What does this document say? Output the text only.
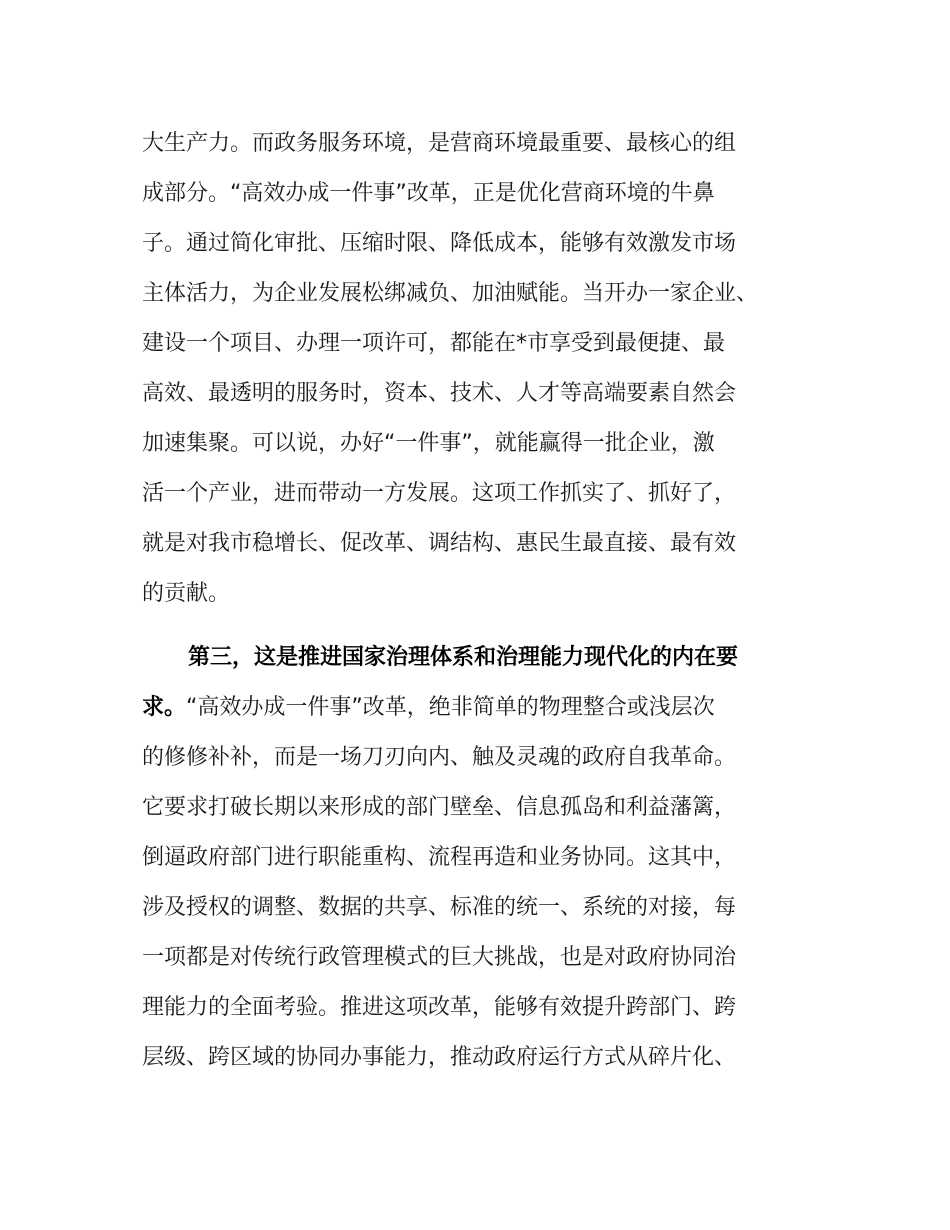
大生产力。而政务服务环境，是营商环境最重要、最核心的组
成部分。“高效办成一件事”改革，正是优化营商环境的牛鼻
子。通过简化审批、压缩时限、降低成本，能够有效激发市场
主体活力，为企业发展松绑减负、加油赋能。当开办一家企业、
建设一个项目、办理一项许可，都能在*市享受到最便捷、最
高效、最透明的服务时，资本、技术、人才等高端要素自然会
加速集聚。可以说，办好“一件事”，就能赢得一批企业，激
活一个产业，进而带动一方发展。这项工作抓实了、抓好了，
就是对我市稳增长、促改革、调结构、惠民生最直接、最有效
的贡献。
第三，这是推进国家治理体系和治理能力现代化的内在要
求。“高效办成一件事”改革，绝非简单的物理整合或浅层次
的修修补补，而是一场刀刃向内、触及灵魂的政府自我革命。
它要求打破长期以来形成的部门壁垒、信息孤岛和利益藩篱，
倒逼政府部门进行职能重构、流程再造和业务协同。这其中，
涉及授权的调整、数据的共享、标准的统一、系统的对接，每
一项都是对传统行政管理模式的巨大挑战，也是对政府协同治
理能力的全面考验。推进这项改革，能够有效提升跨部门、跨
层级、跨区域的协同办事能力，推动政府运行方式从碎片化、
